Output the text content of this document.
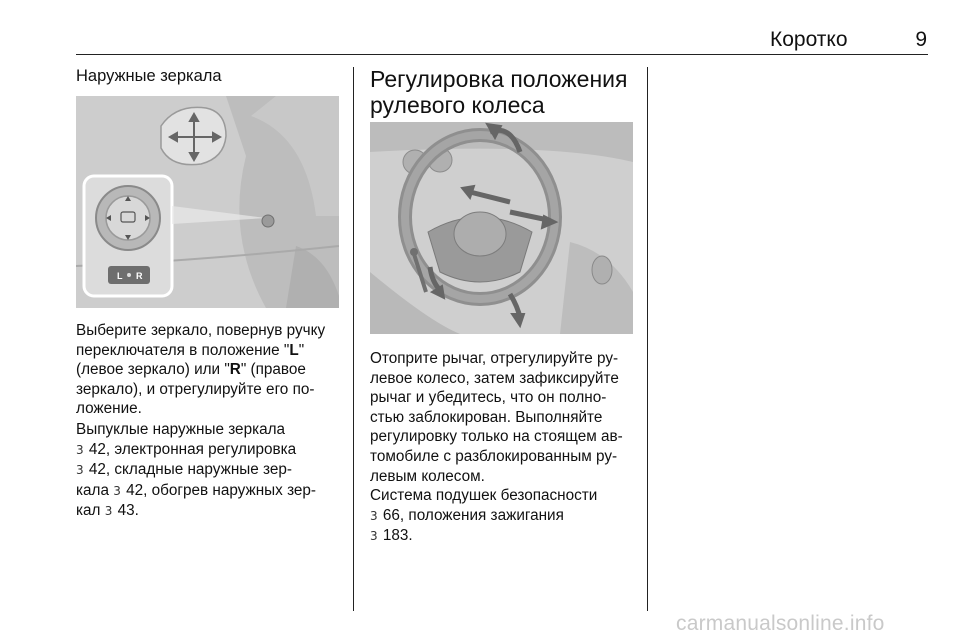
Коротко	9
Наружные зеркала
L R
Выберите зеркало, повернув ручку
переключателя в положение "L"
(левое зеркало) или "R" (правое
зеркало), и отрегулируйте его по-
ложение.
Выпуклые наружные зеркала
3 42, электронная регулировка
3 42, складные наружные зер-
кала 3 42, обогрев наружных зер-
кал 3 43.
Регулировка положения
рулевого колеса
Отоприте рычаг, отрегулируйте ру-
левое колесо, затем зафиксируйте
рычаг и убедитесь, что он полно-
стью заблокирован. Выполняйте
регулировку только на стоящем ав-
томобиле с разблокированным ру-
левым колесом.
Система подушек безопасности
3 66, положения зажигания
3 183.
carmanualsonline.info
